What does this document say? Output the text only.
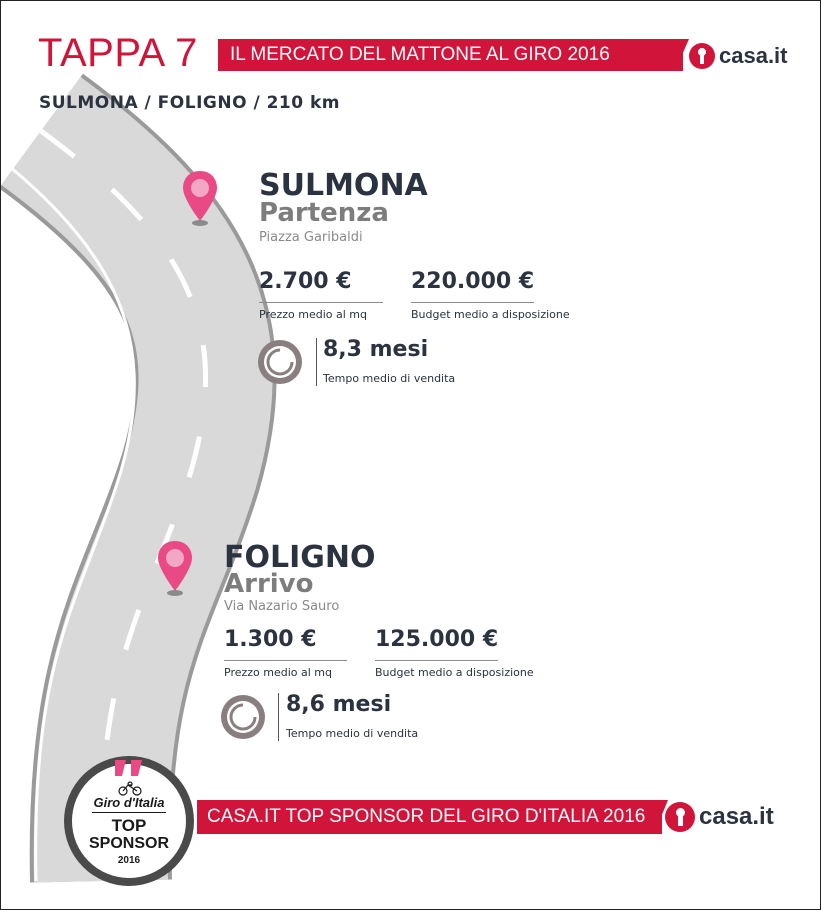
TAPPA 7	IL MERCATO DEL MATTONE AL GIRO 2016	casa.it
SULMONA / FOLIGNO / 210 km
SULMONA
Partenza
Piazza Garibaldi
2.700 €
Prezzo medio al mq
220.000 €
Budget medio a disposizione
8,3 mesi
Tempo medio di vendita
FOLIGNO
Arrivo
Via Nazario Sauro
1.300 €
Prezzo medio al mq
125.000 €
Budget medio a disposizione
8,6 mesi
Tempo medio di vendita
Giro d'Italia
TOP
SPONSOR
2016
CASA.IT TOP SPONSOR DEL GIRO D'ITALIA 2016	casa.it
